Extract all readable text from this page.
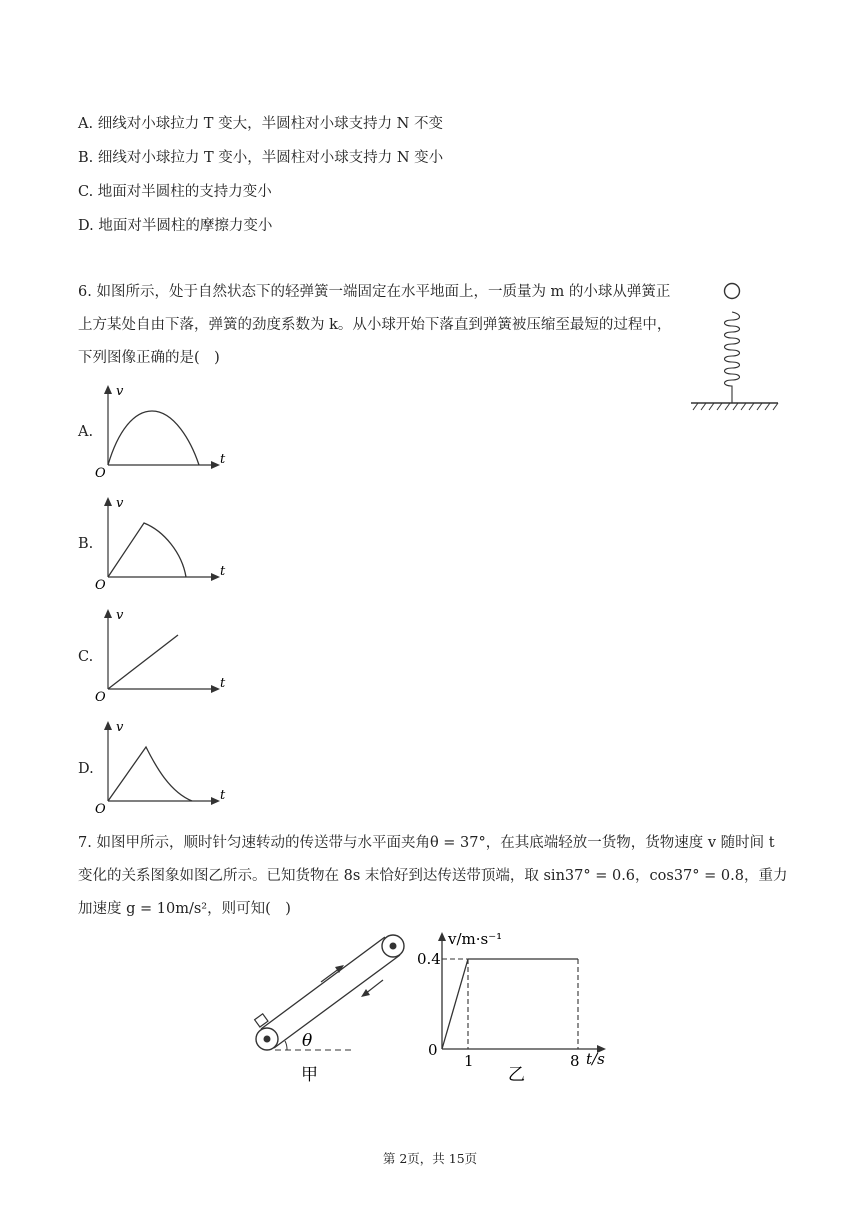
A. 细线对小球拉力 T 变大，半圆柱对小球支持力 N 不变
B. 细线对小球拉力 T 变小，半圆柱对小球支持力 N 变小
C. 地面对半圆柱的支持力变小
D. 地面对半圆柱的摩擦力变小
6. 如图所示，处于自然状态下的轻弹簧一端固定在水平地面上，一质量为 m 的小球从弹簧正上方某处自由下落，弹簧的劲度系数为 k。从小球开始下落直到弹簧被压缩至最短的过程中，下列图像正确的是(　)
A.
v
t
O
B.
v
t
O
C.
v
t
O
D.
v
t
O
7. 如图甲所示，顺时针匀速转动的传送带与水平面夹角θ = 37°，在其底端轻放一货物，货物速度 v 随时间 t 变化的关系图象如图乙所示。已知货物在 8s 末恰好到达传送带顶端，取 sin37° = 0.6，cos37° = 0.8，重力加速度 g = 10m/s²，则可知(　)
θ
甲
v/m·s⁻¹
0.4
0
1	8 t/s
乙
第 2页，共 15页
